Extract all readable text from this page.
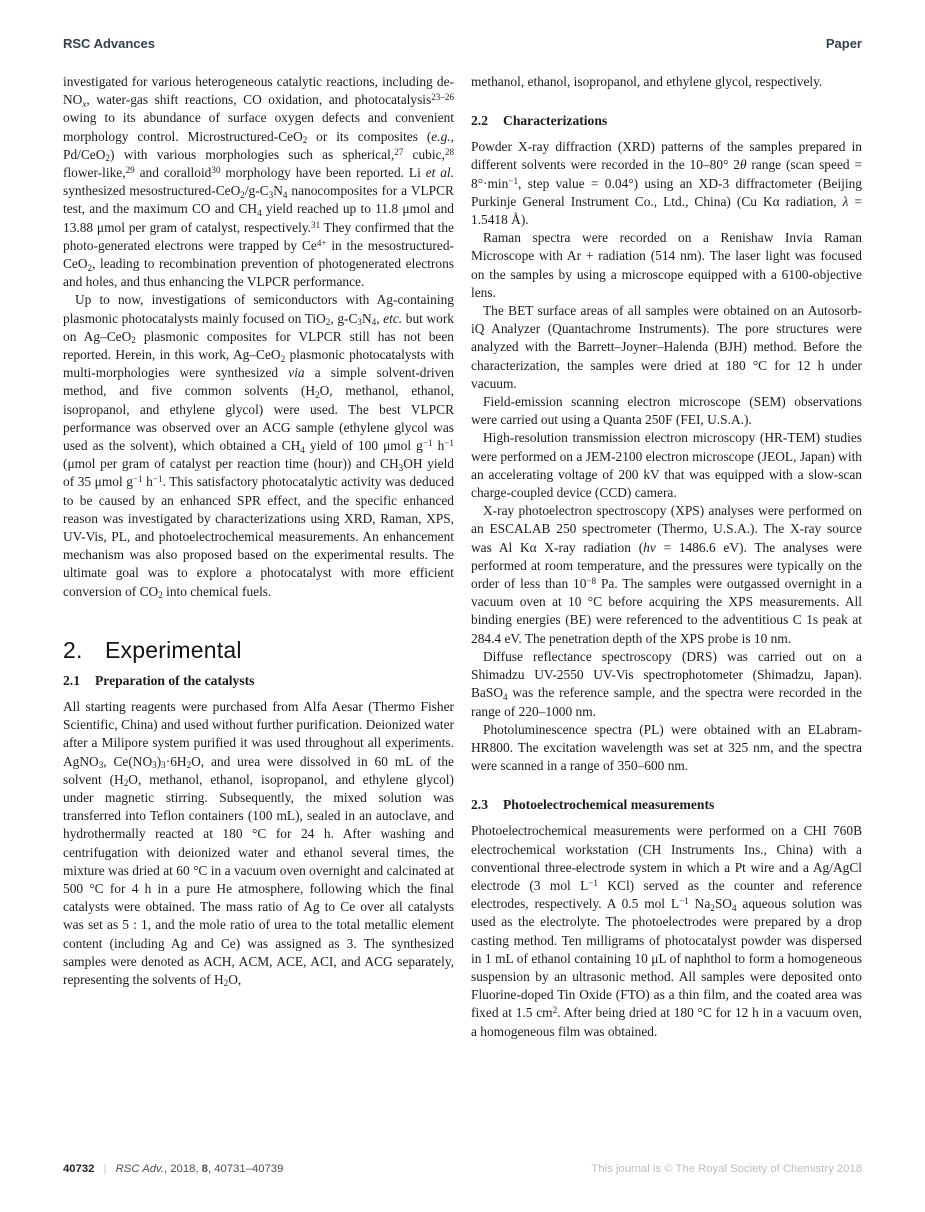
RSC Advances	Paper

investigated for various heterogeneous catalytic reactions, including $de-NO_x$, water-gas shift reactions, CO oxidation, and photocatalysis$^{23-26}$ owing to its abundance of surface oxygen defects and convenient morphology control. Microstructured-CeO$_2$ or its composites (e.g., Pd/CeO$_2$) with various morphologies such as spherical,$^{27}$ cubic,$^{28}$ flower-like,$^{29}$ and coralloid$^{30}$ morphology have been reported. Li et al. synthesized mesostructured-$CeO_2/g-C_3N_4$ nanocomposites for a VLPCR test, and the maximum CO and $CH_4$ yield reached up to 11.8 μmol and 13.88 μmol per gram of catalyst, respectively.$^{31}$ They confirmed that the photo-generated electrons were trapped by $Ce^{4+}$ in the mesostructured-CeO$_2$, leading to recombination prevention of photogenerated electrons and holes, and thus enhancing the VLPCR performance.

Up to now, investigations of semiconductors with Ag-containing plasmonic photocatalysts mainly focused on TiO$_2$, $g-C_3N_4$, etc. but work on Ag–CeO$_2$ plasmonic composites for VLPCR still has not been reported. Herein, in this work, Ag–CeO$_2$ plasmonic photocatalysts with multi-morphologies were synthesized via a simple solvent-driven method, and five common solvents ($H_2O$, methanol, ethanol, isopropanol, and ethylene glycol) were used. The best VLPCR performance was observed over an ACG sample (ethylene glycol was used as the solvent), which obtained a $CH_4$ yield of 100 μmol $g^{-1}$ $h^{-1}$ (μmol per gram of catalyst per reaction time (hour)) and $CH_3OH$ yield of 35 μmol $g^{-1}$ $h^{-1}$. This satisfactory photocatalytic activity was deduced to be caused by an enhanced SPR effect, and the specific enhanced reason was investigated by characterizations using XRD, Raman, XPS, UV-Vis, PL, and photoelectrochemical measurements. An enhancement mechanism was also proposed based on the experimental results. The ultimate goal was to explore a photocatalyst with more efficient conversion of $CO_2$ into chemical fuels.

2. Experimental
2.1	Preparation of the catalysts

All starting reagents were purchased from Alfa Aesar (Thermo Fisher Scientific, China) and used without further purification. Deionized water after a Milipore system purified it was used throughout all experiments. AgNO$_3$, $Ce(NO_3)_3\cdot 6H_2O$, and urea were dissolved in 60 mL of the solvent ($H_2O$, methanol, ethanol, isopropanol, and ethylene glycol) under magnetic stirring. Subsequently, the mixed solution was transferred into Teflon containers (100 mL), sealed in an autoclave, and hydrothermally reacted at 180 °C for 24 h. After washing and centrifugation with deionized water and ethanol several times, the mixture was dried at 60 °C in a vacuum oven overnight and calcinated at 500 °C for 4 h in a pure He atmosphere, following which the final catalysts were obtained. The mass ratio of Ag to Ce over all catalysts was set as 5 : 1, and the mole ratio of urea to the total metallic element content (including Ag and Ce) was assigned as 3. The synthesized samples were denoted as ACH, ACM, ACE, ACI, and ACG separately, representing the solvents of $H_2O$,

methanol, ethanol, isopropanol, and ethylene glycol, respectively.

2.2	Characterizations

Powder X-ray diffraction (XRD) patterns of the samples prepared in different solvents were recorded in the 10–80° 2θ range (scan speed = $8^\circ\cdot\min^{-1}$, step value = 0.04°) using an XD-3 diffractometer (Beijing Purkinje General Instrument Co., Ltd., China) (Cu Kα radiation, λ = 1.5418 Å).

Raman spectra were recorded on a Renishaw Invia Raman Microscope with Ar + radiation (514 nm). The laser light was focused on the samples by using a microscope equipped with a 6100-objective lens.

The BET surface areas of all samples were obtained on an Autosorb-iQ Analyzer (Quantachrome Instruments). The pore structures were analyzed with the Barrett–Joyner–Halenda (BJH) method. Before the characterization, the samples were dried at 180 °C for 12 h under vacuum.

Field-emission scanning electron microscope (SEM) observations were carried out using a Quanta 250F (FEI, U.S.A.).

High-resolution transmission electron microscopy (HR-TEM) studies were performed on a JEM-2100 electron microscope (JEOL, Japan) with an accelerating voltage of 200 kV that was equipped with a slow-scan charge-coupled device (CCD) camera.

X-ray photoelectron spectroscopy (XPS) analyses were performed on an ESCALAB 250 spectrometer (Thermo, U.S.A.). The X-ray source was Al Kα X-ray radiation (hν = 1486.6 eV). The analyses were performed at room temperature, and the pressures were typically on the order of less than $10^{-8}$ Pa. The samples were outgassed overnight in a vacuum oven at 10 °C before acquiring the XPS measurements. All binding energies (BE) were referenced to the adventitious C 1s peak at 284.4 eV. The penetration depth of the XPS probe is 10 nm.

Diffuse reflectance spectroscopy (DRS) was carried out on a Shimadzu UV-2550 UV-Vis spectrophotometer (Shimadzu, Japan). BaSO$_4$ was the reference sample, and the spectra were recorded in the range of 220–1000 nm.

Photoluminescence spectra (PL) were obtained with an ELabram-HR800. The excitation wavelength was set at 325 nm, and the spectra were scanned in a range of 350–600 nm.

2.3	Photoelectrochemical measurements

Photoelectrochemical measurements were performed on a CHI 760B electrochemical workstation (CH Instruments Ins., China) with a conventional three-electrode system in which a Pt wire and a Ag/AgCl electrode (3 mol $L^{-1}$ KCl) served as the counter and reference electrodes, respectively. A 0.5 mol $L^{-1}$ $Na_2SO_4$ aqueous solution was used as the electrolyte. The photoelectrodes were prepared by a drop casting method. Ten milligrams of photocatalyst powder was dispersed in 1 mL of ethanol containing 10 μL of naphthol to form a homogeneous suspension by an ultrasonic method. All samples were deposited onto Fluorine-doped Tin Oxide (FTO) as a thin film, and the coated area was fixed at 1.5 $cm^2$. After being dried at 180 °C for 12 h in a vacuum oven, a homogeneous film was obtained.

40732 | RSC Adv., 2018, 8, 40731–40739	This journal is © The Royal Society of Chemistry 2018
